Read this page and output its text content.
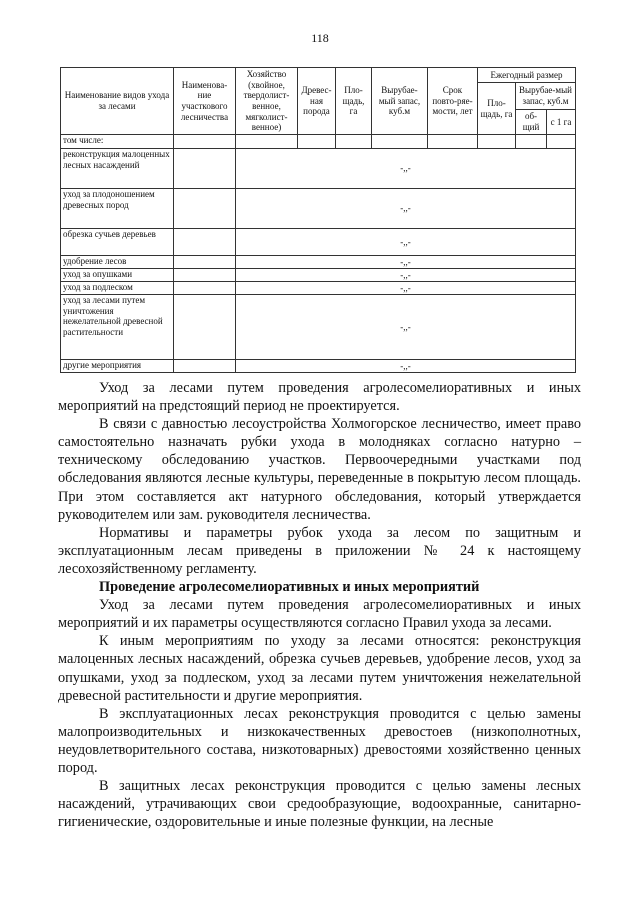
118
Наименование видов ухода за лесами	Наименова-ние участкового лесничества	Хозяйство (хвойное, твердолист-венное, мягколист-венное)	Древес-ная порода	Пло-щадь, га	Вырубае-мый запас, куб.м	Срок повто-ряе-мости, лет	Ежегодный размер		
							Пло-щадь, га	Вырубае-мый запас, куб.м	
								об-щий	с 1 га
том числе:									
реконструкция малоценных лесных насаждений		-,,-							
уход за плодоношением древесных пород		-,,-							
обрезка сучьев деревьев		-,,-							
удобрение лесов		-,,-							
уход за опушками		-,,-							
уход за подлеском		-,,-							
уход за лесами путем уничтожения нежелательной древесной растительности		-,,-							
другие мероприятия		-,,-							

Уход за лесами путем проведения агролесомелиоративных и иных мероприятий на предстоящий период не проектируется.

В связи с давностью лесоустройства Холмогорское лесничество, имеет право самостоятельно назначать рубки ухода в молодняках согласно натурно – техническому обследованию участков. Первоочередными участками под обследования являются лесные культуры, переведенные в покрытую лесом площадь. При этом составляется акт натурного обследования, который утверждается руководителем или зам. руководителя лесничества.

Нормативы и параметры рубок ухода за лесом по защитным и эксплуатационным лесам приведены в приложении № 24 к настоящему лесохозяйственному регламенту.

Проведение агролесомелиоративных и иных мероприятий

Уход за лесами путем проведения агролесомелиоративных и иных мероприятий и их параметры осуществляются согласно Правил ухода за лесами.

К иным мероприятиям по уходу за лесами относятся: реконструкция малоценных лесных насаждений, обрезка сучьев деревьев, удобрение лесов, уход за опушками, уход за подлеском, уход за лесами путем уничтожения нежелательной древесной растительности и другие мероприятия.

В эксплуатационных лесах реконструкция проводится с целью замены малопроизводительных и низкокачественных древостоев (низкополнотных, неудовлетворительного состава, низкотоварных) древостоями хозяйственно ценных пород.

В защитных лесах реконструкция проводится с целью замены лесных насаждений, утрачивающих свои средообразующие, водоохранные, санитарно-гигиенические, оздоровительные и иные полезные функции, на лесные
